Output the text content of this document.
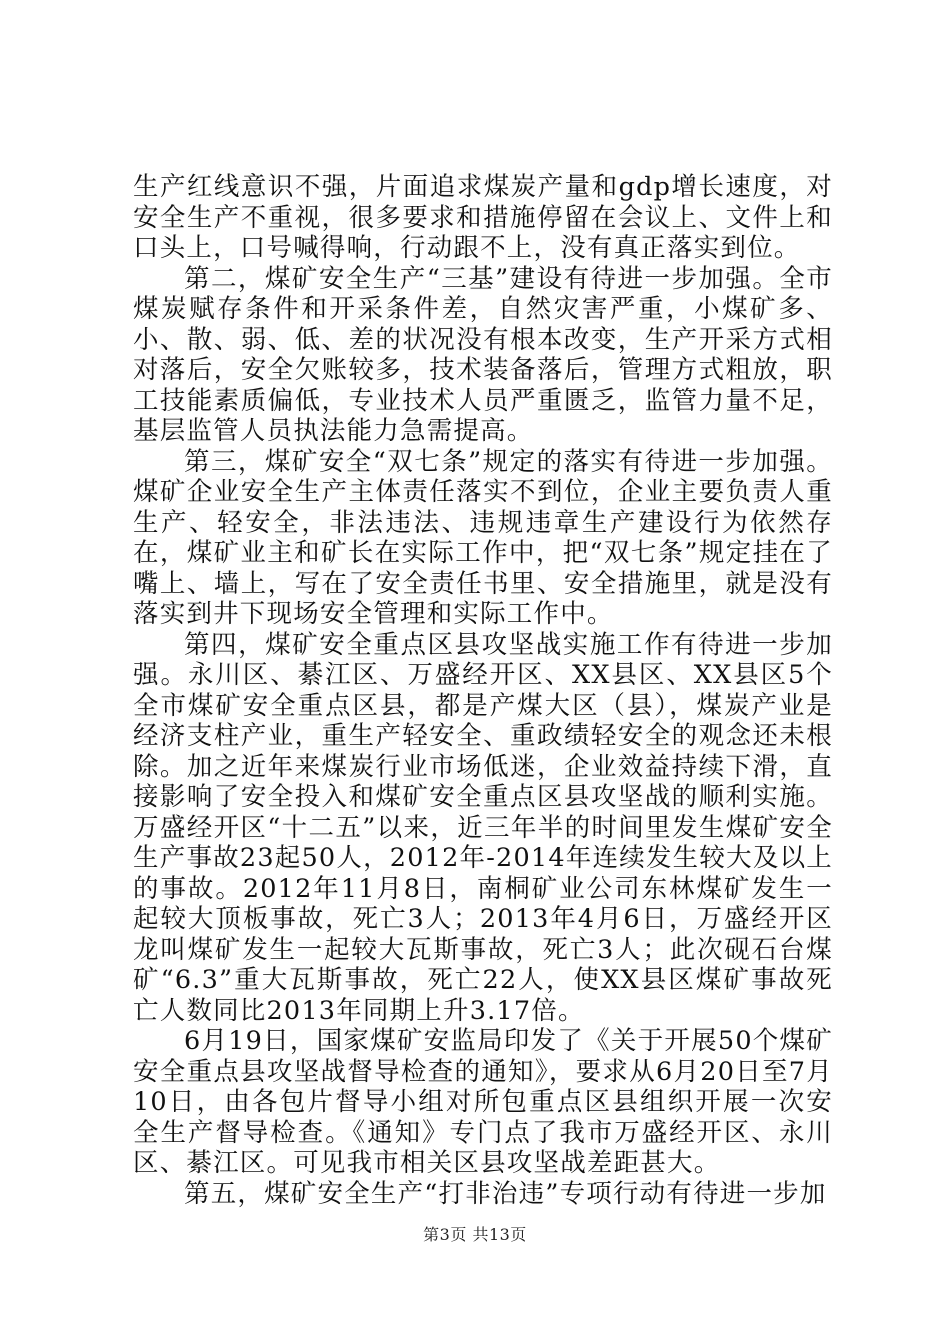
生产红线意识不强，片面追求煤炭产量和gdp增长速度，对安全生产不重视，很多要求和措施停留在会议上、文件上和口头上，口号喊得响，行动跟不上，没有真正落实到位。

第二，煤矿安全生产“三基”建设有待进一步加强。全市煤炭赋存条件和开采条件差，自然灾害严重，小煤矿多、小、散、弱、低、差的状况没有根本改变，生产开采方式相对落后，安全欠账较多，技术装备落后，管理方式粗放，职工技能素质偏低，专业技术人员严重匮乏，监管力量不足，基层监管人员执法能力急需提高。

第三，煤矿安全“双七条”规定的落实有待进一步加强。煤矿企业安全生产主体责任落实不到位，企业主要负责人重生产、轻安全，非法违法、违规违章生产建设行为依然存在，煤矿业主和矿长在实际工作中，把“双七条”规定挂在了嘴上、墙上，写在了安全责任书里、安全措施里，就是没有落实到井下现场安全管理和实际工作中。

第四，煤矿安全重点区县攻坚战实施工作有待进一步加强。永川区、綦江区、万盛经开区、XX县区、XX县区5个全市煤矿安全重点区县，都是产煤大区（县），煤炭产业是经济支柱产业，重生产轻安全、重政绩轻安全的观念还未根除。加之近年来煤炭行业市场低迷，企业效益持续下滑，直接影响了安全投入和煤矿安全重点区县攻坚战的顺利实施。万盛经开区“十二五”以来，近三年半的时间里发生煤矿安全生产事故23起50人，2012年-2014年连续发生较大及以上的事故。2012年11月8日，南桐矿业公司东林煤矿发生一起较大顶板事故，死亡3人；2013年4月6日，万盛经开区龙叫煤矿发生一起较大瓦斯事故，死亡3人；此次砚石台煤矿“6.3”重大瓦斯事故，死亡22人，使XX县区煤矿事故死亡人数同比2013年同期上升3.17倍。

6月19日，国家煤矿安监局印发了《关于开展50个煤矿安全重点县攻坚战督导检查的通知》，要求从6月20日至7月10日，由各包片督导小组对所包重点区县组织开展一次安全生产督导检查。《通知》专门点了我市万盛经开区、永川区、綦江区。可见我市相关区县攻坚战差距甚大。

第五，煤矿安全生产“打非治违”专项行动有待进一步加

第3页 共13页
